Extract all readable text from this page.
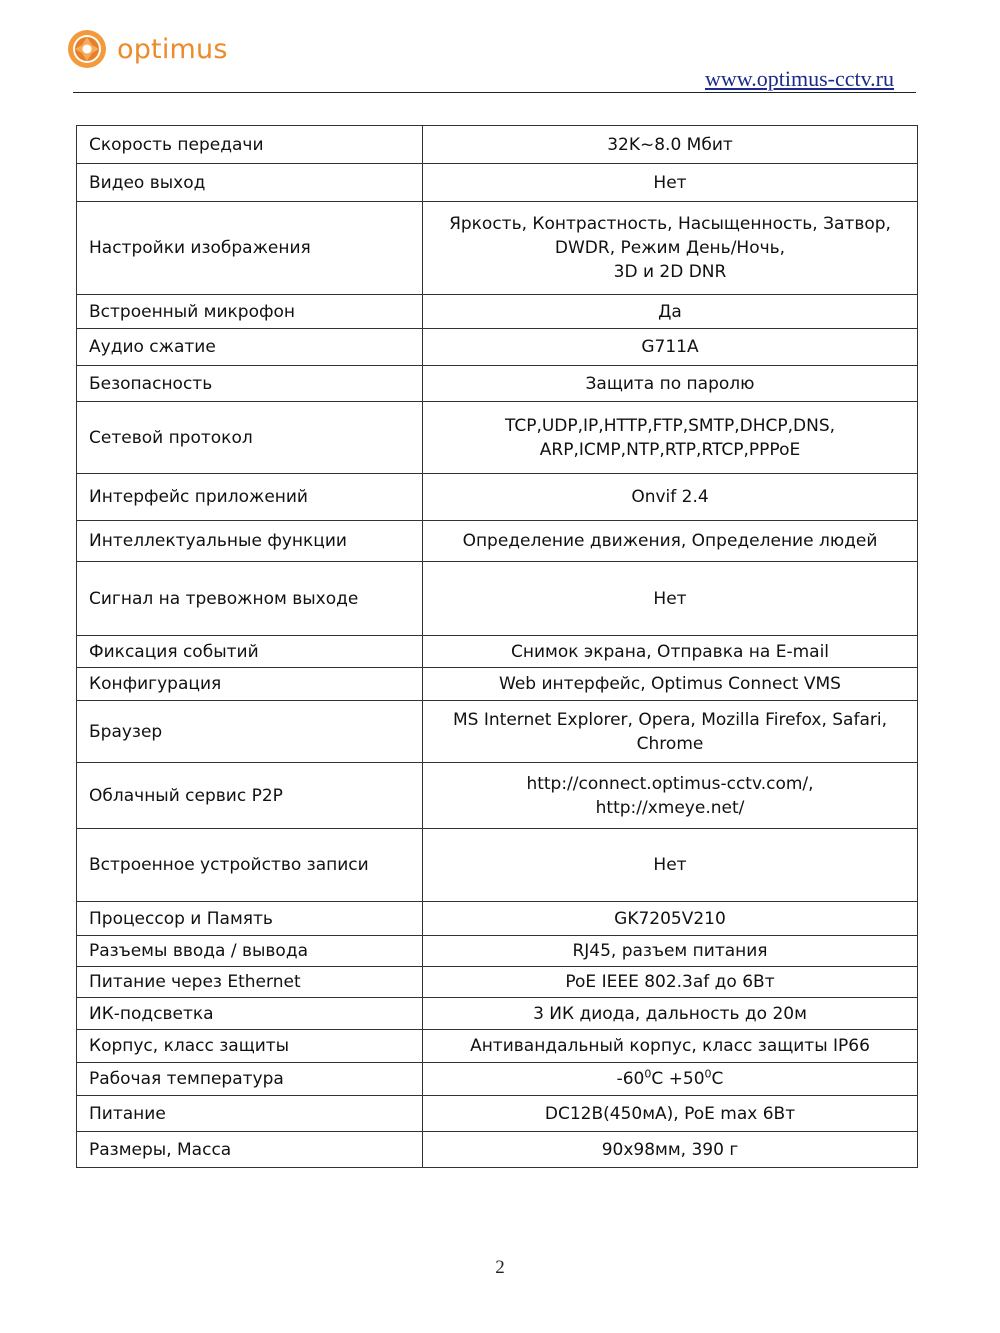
optimus
www.optimus-cctv.ru
Скорость передачи	32K~8.0 Мбит
Видео выход	Нет
Настройки изображения	Яркость, Контрастность, Насыщенность, Затвор,
DWDR, Режим День/Ночь,
3D и 2D DNR
Встроенный микрофон	Да
Аудио сжатие	G711A
Безопасность	Защита по паролю
Сетевой протокол	TCP,UDP,IP,HTTP,FTP,SMTP,DHCP,DNS,
ARP,ICMP,NTP,RTP,RTCP,PPPoE
Интерфейс приложений	Onvif 2.4
Интеллектуальные функции	Определение движения, Определение людей
Сигнал на тревожном выходе	Нет
Фиксация событий	Снимок экрана, Отправка на E-mail
Конфигурация	Web интерфейс, Optimus Connect VMS
Браузер	MS Internet Explorer, Opera, Mozilla Firefox, Safari,
Chrome
Облачный сервис P2P	http://connect.optimus-cctv.com/,
http://xmeye.net/
Встроенное устройство записи	Нет
Процессор и Память	GK7205V210
Разъемы ввода / вывода	RJ45, разъем питания
Питание через Ethernet	PoE IEEE 802.3af до 6Вт
ИК-подсветка	3 ИК диода, дальность до 20м
Корпус, класс защиты	Антивандальный корпус, класс защиты IP66
Рабочая температура	$-60^0С +50^0С$
Питание	DC12В(450мА), PoE max 6Вт
Размеры, Масса	90x98мм, 390 г
2
